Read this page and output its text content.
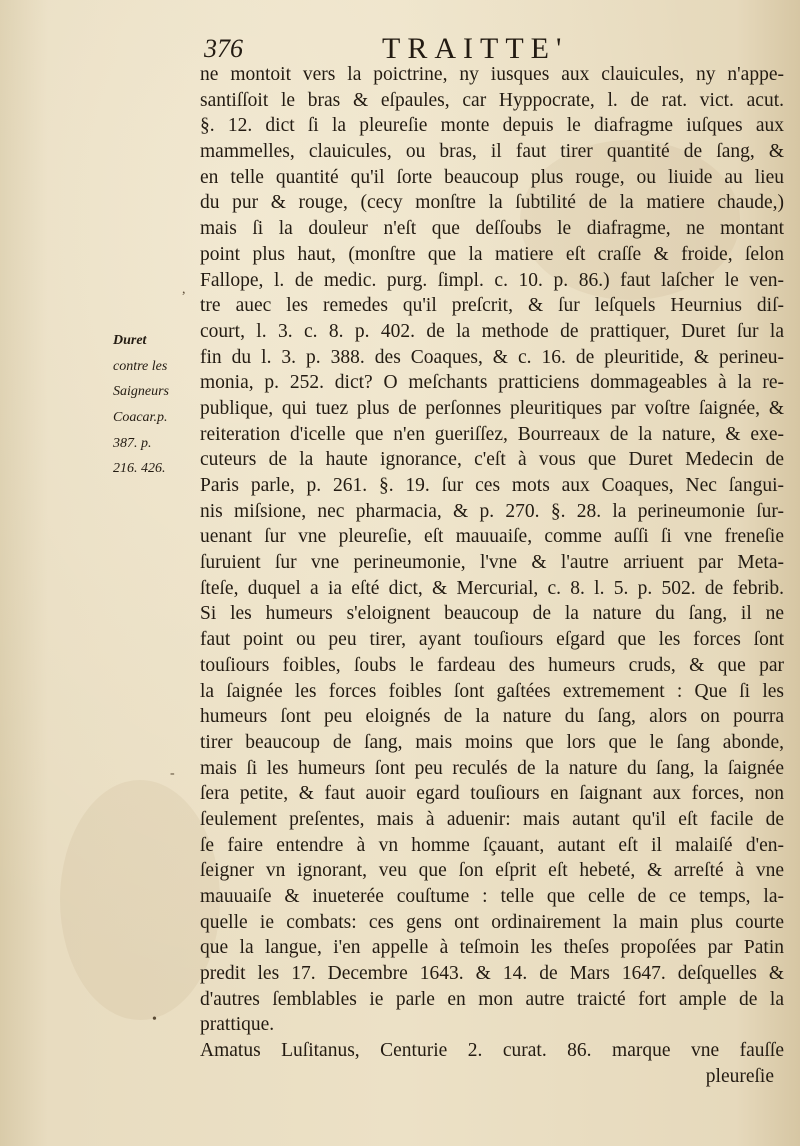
376	TRAITTE'
Duret
contre les
Saigneurs
Coacar.p.
387. p.
216. 426.
ne montoit vers la poictrine, ny iusques aux clauicules, ny n'appe-
santiſſoit le bras & eſpaules, car Hyppocrate, l. de rat. vict. acut.
§. 12. dict ſi la pleureſie monte depuis le diafragme iuſques aux
mammelles, clauicules, ou bras, il faut tirer quantité de ſang, &
en telle quantité qu'il ſorte beaucoup plus rouge, ou liuide au lieu
du pur & rouge, (cecy monſtre la ſubtilité de la matiere chaude,)
mais ſi la douleur n'eſt que deſſoubs le diafragme, ne montant
point plus haut, (monſtre que la matiere eſt craſſe & froide, ſelon
Fallope, l. de medic. purg. ſimpl. c. 10. p. 86.) faut laſcher le ven-
tre auec les remedes qu'il preſcrit, & ſur leſquels Heurnius diſ-
court, l. 3. c. 8. p. 402. de la methode de prattiquer, Duret ſur la
fin du l. 3. p. 388. des Coaques, & c. 16. de pleuritide, & perineu-
monia, p. 252. dict? O meſchants pratticiens dommageables à la re-
publique, qui tuez plus de perſonnes pleuritiques par voſtre ſaignée, &
reiteration d'icelle que n'en gueriſſez, Bourreaux de la nature, & exe-
cuteurs de la haute ignorance, c'eſt à vous que Duret Medecin de
Paris parle, p. 261. §. 19. ſur ces mots aux Coaques, Nec ſangui-
nis miſsione, nec pharmacia, & p. 270. §. 28. la perineumonie ſur-
uenant ſur vne pleureſie, eſt mauuaiſe, comme auſſi ſi vne freneſie
ſuruient ſur vne perineumonie, l'vne & l'autre arriuent par Meta-
ſteſe, duquel a ia eſté dict, & Mercurial, c. 8. l. 5. p. 502. de febrib.
Si les humeurs s'eloignent beaucoup de la nature du ſang, il ne
faut point ou peu tirer, ayant touſiours eſgard que les forces ſont
touſiours foibles, ſoubs le fardeau des humeurs cruds, & que par
la ſaignée les forces foibles ſont gaſtées extremement : Que ſi les
humeurs ſont peu eloignés de la nature du ſang, alors on pourra
tirer beaucoup de ſang, mais moins que lors que le ſang abonde,
mais ſi les humeurs ſont peu reculés de la nature du ſang, la ſaignée
ſera petite, & faut auoir egard touſiours en ſaignant aux forces, non
ſeulement preſentes, mais à aduenir: mais autant qu'il eſt facile de
ſe faire entendre à vn homme ſçauant, autant eſt il malaiſé d'en-
ſeigner vn ignorant, veu que ſon eſprit eſt hebeté, & arreſté à vne
mauuaiſe & inueterée couſtume : telle que celle de ce temps, la-
quelle ie combats: ces gens ont ordinairement la main plus courte
que la langue, i'en appelle à teſmoin les theſes propoſées par Patin
predit les 17. Decembre 1643. & 14. de Mars 1647. deſquelles &
d'autres ſemblables ie parle en mon autre traicté fort ample de la
prattique.
Amatus Luſitanus, Centurie 2. curat. 86. marque vne fauſſe
pleureſie
,
-
•
